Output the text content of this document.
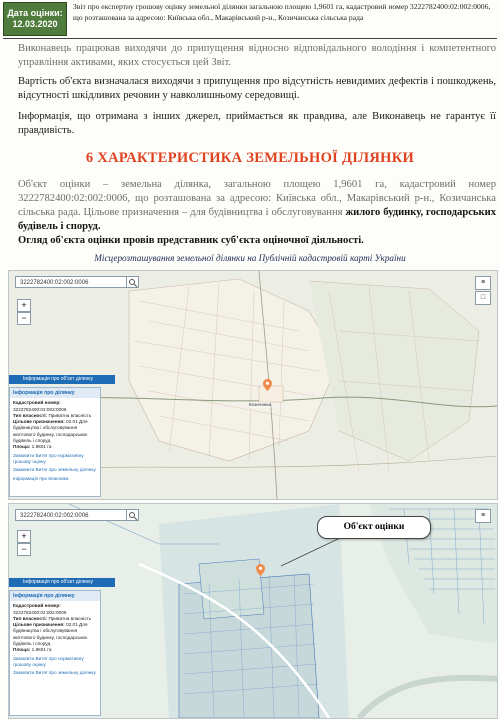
Дата оцінки:
12.03.2020
Звіт про експертну грошову оцінку земельної ділянки загальною площею 1,9601 га, кадастровий номер 3222782400:02:002:0006, що розташована за адресою: Київська обл., Макарівський р-н., Козичанська сільська рада
Виконавець працював виходячи до припущення відносно відповідального володіння і компетентного управління активами, яких стосується цей Звіт.
Вартість об'єкта визначалася виходячи з припущення про відсутність невидимих дефектів і пошкоджень, відсутності шкідливих речовин у навколишньому середовищі.
Інформація, що отримана з інших джерел, приймається як правдива, але Виконавець не гарантує її правдивість.
6 ХАРАКТЕРИСТИКА ЗЕМЕЛЬНОЇ ДІЛЯНКИ
Об'єкт оцінки – земельна ділянка, загальною площею 1,9601 га, кадастровий номер 3222782400:02:002:0006, що розташована за адресою: Київська обл., Макарівський р-н., Козичанська сільська рада. Цільове призначення – для будівництва і обслуговування жилого будинку, господарських будівель і споруд.
Огляд об'єкта оцінки провів представник суб'єкта оціночної діяльності.
Місцерозташування земельної ділянки на Публічній кадастровій карті України
3222782400:02:002:0006
+
−
≡
□
Інформація про об'єкт ділянку
Інформація про ділянку
Кадастровий номер:
3222782400:02:002:0006
Тип власності: Приватна власність
Цільове призначення: 02.01 Для будівництва і обслуговування житлового будинку, господарських будівель і споруд
Площа: 1.9601 га
Замовити Витяг про нормативну грошову оцінку
Замовити Витяг про земельну ділянку
Інформація про власника
Козичанка
3222782400:02:002:0006
+
−
≡
Об'єкт оцінки
Інформація про об'єкт ділянку
Інформація про ділянку
Кадастровий номер:
3222782400:02:002:0006
Тип власності: Приватна власність
Цільове призначення: 02.01 Для будівництва і обслуговування житлового будинку, господарських будівель і споруд
Площа: 1.9601 га
Замовити Витяг про нормативну грошову оцінку
Замовити Витяг про земельну ділянку
